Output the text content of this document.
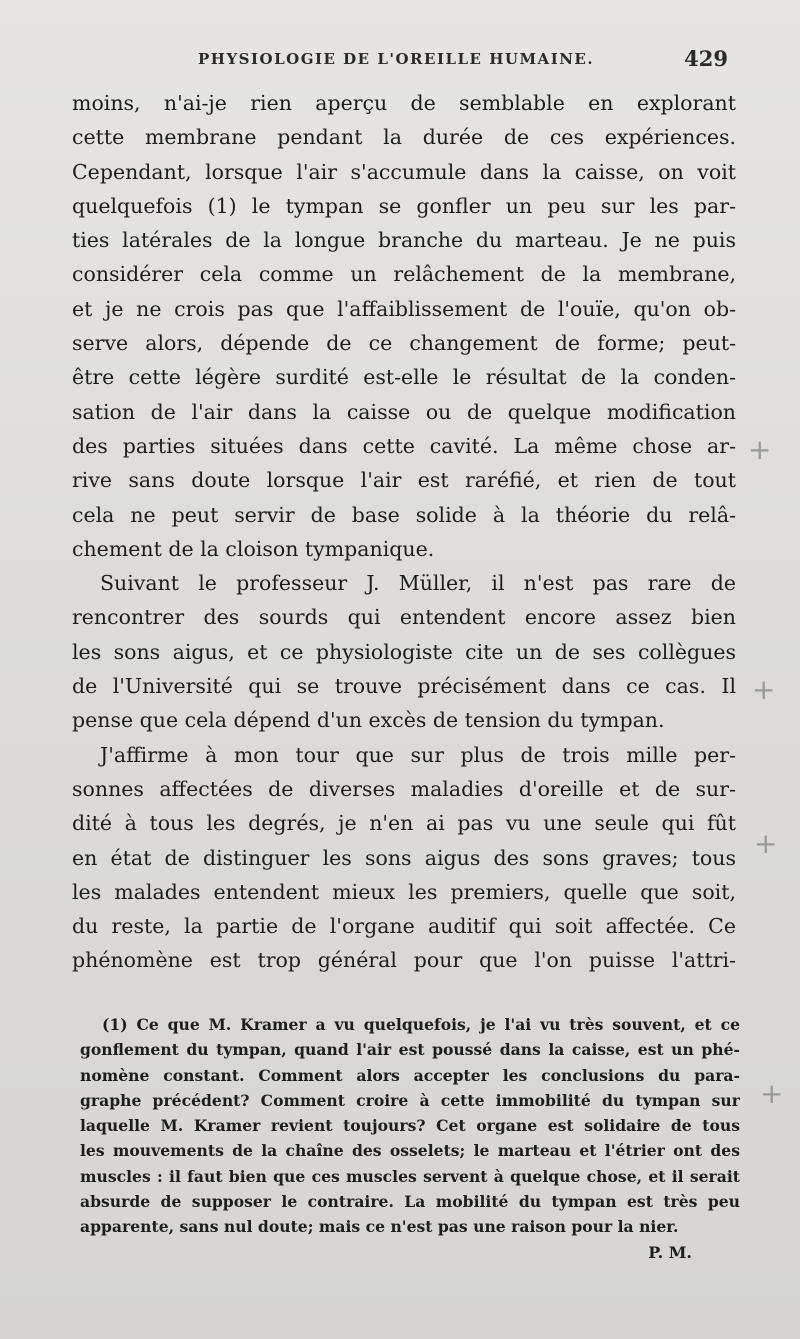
PHYSIOLOGIE DE L'OREILLE HUMAINE.	429
moins, n'ai-je rien aperçu de semblable en explorant
cette membrane pendant la durée de ces expériences.
Cependant, lorsque l'air s'accumule dans la caisse, on voit
quelquefois (1) le tympan se gonfler un peu sur les par-
ties latérales de la longue branche du marteau. Je ne puis
considérer cela comme un relâchement de la membrane,
et je ne crois pas que l'affaiblissement de l'ouïe, qu'on ob-
serve alors, dépende de ce changement de forme; peut-
être cette légère surdité est-elle le résultat de la conden-
sation de l'air dans la caisse ou de quelque modification
des parties situées dans cette cavité. La même chose ar-
rive sans doute lorsque l'air est raréfié, et rien de tout
cela ne peut servir de base solide à la théorie du relâ-
chement de la cloison tympanique.
Suivant le professeur J. Müller, il n'est pas rare de
rencontrer des sourds qui entendent encore assez bien
les sons aigus, et ce physiologiste cite un de ses collègues
de l'Université qui se trouve précisément dans ce cas. Il
pense que cela dépend d'un excès de tension du tympan.
J'affirme à mon tour que sur plus de trois mille per-
sonnes affectées de diverses maladies d'oreille et de sur-
dité à tous les degrés, je n'en ai pas vu une seule qui fût
en état de distinguer les sons aigus des sons graves; tous
les malades entendent mieux les premiers, quelle que soit,
du reste, la partie de l'organe auditif qui soit affectée. Ce
phénomène est trop général pour que l'on puisse l'attri-
(1) Ce que M. Kramer a vu quelquefois, je l'ai vu très souvent, et ce
gonflement du tympan, quand l'air est poussé dans la caisse, est un phé-
nomène constant. Comment alors accepter les conclusions du para-
graphe précédent? Comment croire à cette immobilité du tympan sur
laquelle M. Kramer revient toujours? Cet organe est solidaire de tous
les mouvements de la chaîne des osselets; le marteau et l'étrier ont des
muscles : il faut bien que ces muscles servent à quelque chose, et il serait
absurde de supposer le contraire. La mobilité du tympan est très peu
apparente, sans nul doute; mais ce n'est pas une raison pour la nier.
P. M.
+
+
+
+
